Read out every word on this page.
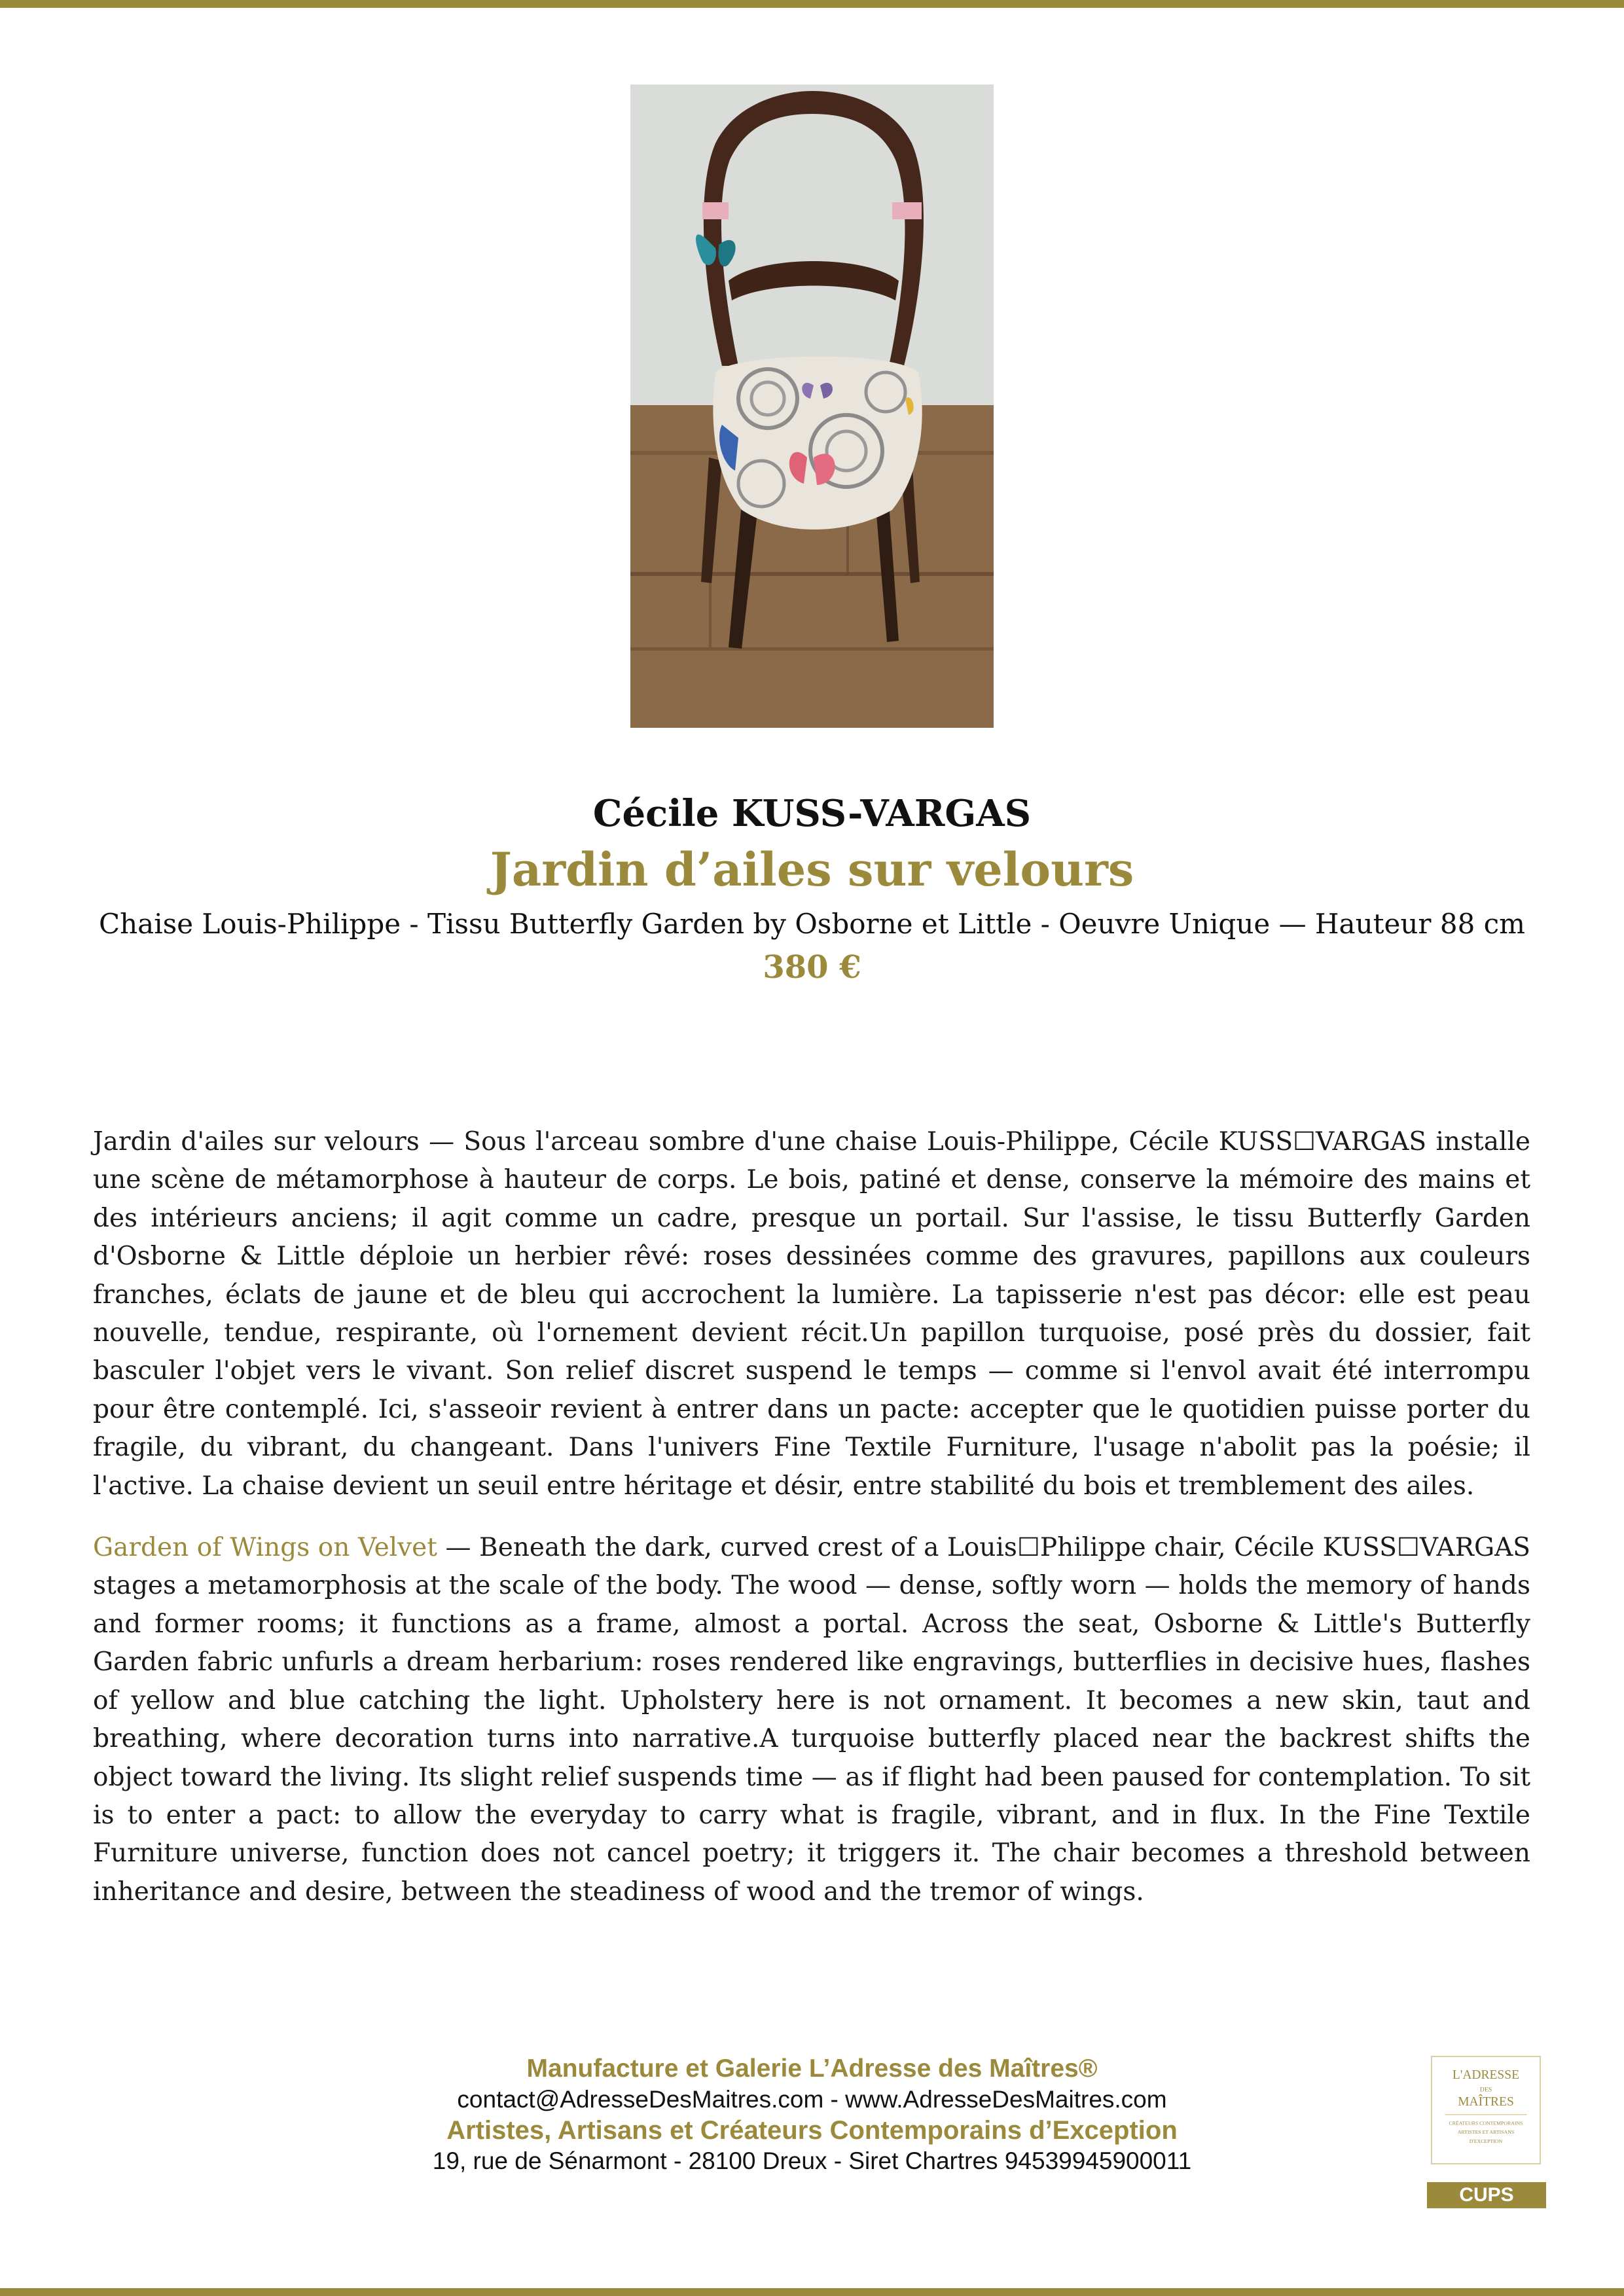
Cécile KUSS-VARGAS
Jardin d’ailes sur velours
Chaise Louis-Philippe - Tissu Butterfly Garden by Osborne et Little - Oeuvre Unique — Hauteur 88 cm
380 €

Jardin d'ailes sur velours — Sous l'arceau sombre d'une chaise Louis-Philippe, Cécile KUSS☐VARGAS installe une scène de métamorphose à hauteur de corps. Le bois, patiné et dense, conserve la mémoire des mains et des intérieurs anciens; il agit comme un cadre, presque un portail. Sur l'assise, le tissu Butterfly Garden d'Osborne & Little déploie un herbier rêvé: roses dessinées comme des gravures, papillons aux couleurs franches, éclats de jaune et de bleu qui accrochent la lumière. La tapisserie n'est pas décor: elle est peau nouvelle, tendue, respirante, où l'ornement devient récit.Un papillon turquoise, posé près du dossier, fait basculer l'objet vers le vivant. Son relief discret suspend le temps — comme si l'envol avait été interrompu pour être contemplé. Ici, s'asseoir revient à entrer dans un pacte: accepter que le quotidien puisse porter du fragile, du vibrant, du changeant. Dans l'univers Fine Textile Furniture, l'usage n'abolit pas la poésie; il l'active. La chaise devient un seuil entre héritage et désir, entre stabilité du bois et tremblement des ailes.

Garden of Wings on Velvet — Beneath the dark, curved crest of a Louis☐Philippe chair, Cécile KUSS☐VARGAS stages a metamorphosis at the scale of the body. The wood — dense, softly worn — holds the memory of hands and former rooms; it functions as a frame, almost a portal. Across the seat, Osborne & Little's Butterfly Garden fabric unfurls a dream herbarium: roses rendered like engravings, butterflies in decisive hues, flashes of yellow and blue catching the light. Upholstery here is not ornament. It becomes a new skin, taut and breathing, where decoration turns into narrative.A turquoise butterfly placed near the backrest shifts the object toward the living. Its slight relief suspends time — as if flight had been paused for contemplation. To sit is to enter a pact: to allow the everyday to carry what is fragile, vibrant, and in flux. In the Fine Textile Furniture universe, function does not cancel poetry; it triggers it. The chair becomes a threshold between inheritance and desire, between the steadiness of wood and the tremor of wings.

Manufacture et Galerie L’Adresse des Maîtres®
contact@AdresseDesMaitres.com - www.AdresseDesMaitres.com
Artistes, Artisans et Créateurs Contemporains d’Exception
19, rue de Sénarmont - 28100 Dreux - Siret Chartres 94539945900011
L'ADRESSE
DES
MAÎTRES
CRÉATEURS CONTEMPORAINS
ARTISTES ET ARTISANS
D'EXCEPTION
CUPS
